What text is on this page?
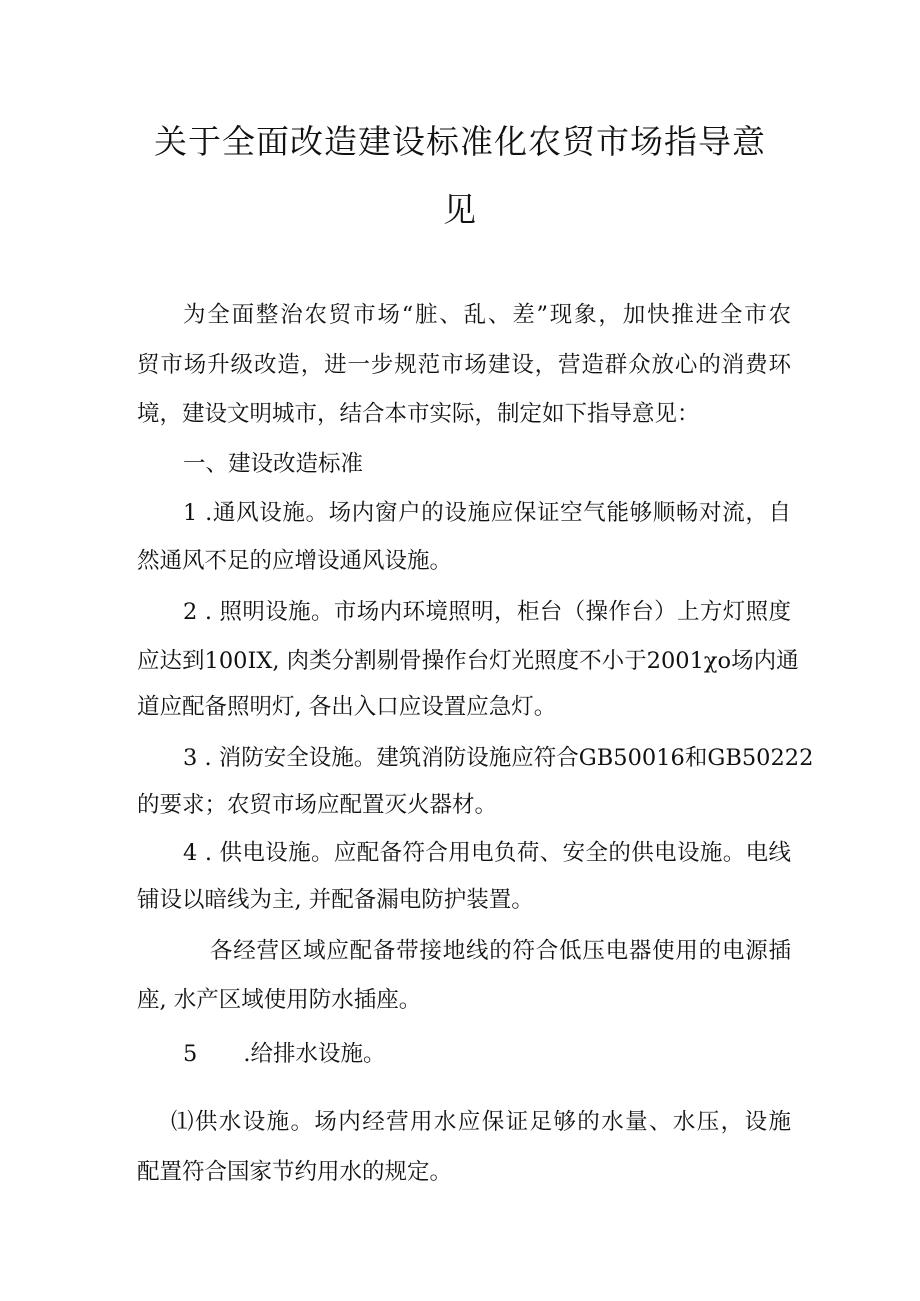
关于全面改造建设标准化农贸市场指导意
见

为全面整治农贸市场“脏、乱、差”现象，加快推进全市农

贸市场升级改造，进一步规范市场建设，营造群众放心的消费环

境，建设文明城市，结合本市实际，制定如下指导意见：

一、建设改造标准

1 .通风设施。场内窗户的设施应保证空气能够顺畅对流，自

然通风不足的应增设通风设施。

2 . 照明设施。市场内环境照明，柜台（操作台）上方灯照度

应达到100IX, 肉类分割剔骨操作台灯光照度不小于2001χo场内通

道应配备照明灯, 各出入口应设置应急灯。

3 . 消防安全设施。建筑消防设施应符合GB50016和GB50222

的要求；农贸市场应配置灭火器材。

4 . 供电设施。应配备符合用电负荷、安全的供电设施。电线

铺设以暗线为主, 并配备漏电防护装置。

各经营区域应配备带接地线的符合低压电器使用的电源插

座, 水产区域使用防水插座。

5 .给排水设施。

⑴供水设施。场内经营用水应保证足够的水量、水压，设施

配置符合国家节约用水的规定。
